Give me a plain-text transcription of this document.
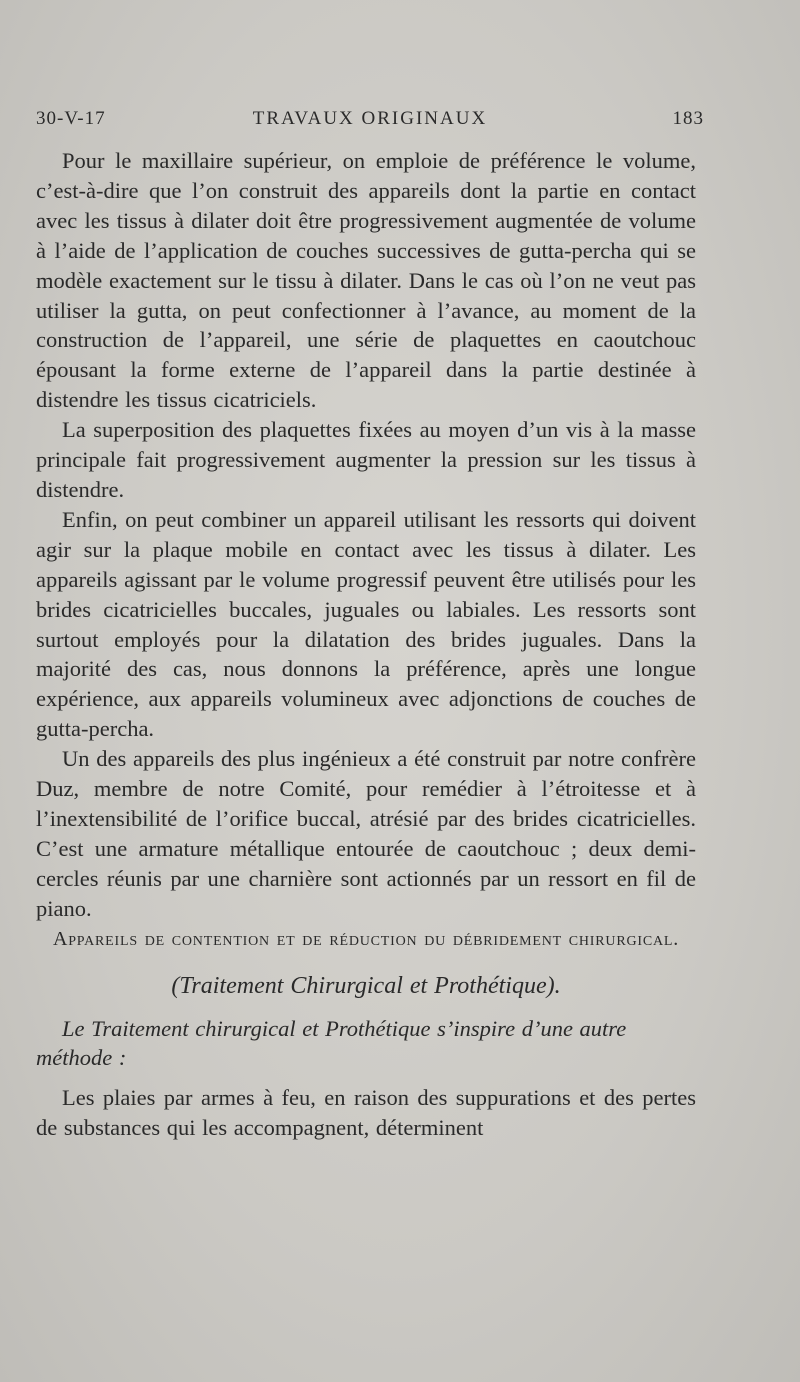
30-V-17	TRAVAUX ORIGINAUX	183

Pour le maxillaire supérieur, on emploie de préférence le volume, c’est-à-dire que l’on construit des appareils dont la partie en contact avec les tissus à dilater doit être progressivement augmentée de volume à l’aide de l’application de couches successives de gutta-percha qui se modèle exactement sur le tissu à dilater. Dans le cas où l’on ne veut pas utiliser la gutta, on peut confectionner à l’avance, au moment de la construction de l’appareil, une série de plaquettes en caoutchouc épousant la forme externe de l’appareil dans la partie destinée à distendre les tissus cicatriciels.

La superposition des plaquettes fixées au moyen d’un vis à la masse principale fait progressivement augmenter la pression sur les tissus à distendre.

Enfin, on peut combiner un appareil utilisant les ressorts qui doivent agir sur la plaque mobile en contact avec les tissus à dilater. Les appareils agissant par le volume progressif peuvent être utilisés pour les brides cicatricielles buccales, juguales ou labiales. Les ressorts sont surtout employés pour la dilatation des brides juguales. Dans la majorité des cas, nous donnons la préférence, après une longue expérience, aux appareils volumineux avec adjonctions de couches de gutta-percha.

Un des appareils des plus ingénieux a été construit par notre confrère Duz, membre de notre Comité, pour remédier à l’étroitesse et à l’inextensibilité de l’orifice buccal, atrésié par des brides cicatricielles. C’est une armature métallique entourée de caoutchouc ; deux demi-cercles réunis par une charnière sont actionnés par un ressort en fil de piano.

Appareils de contention et de réduction du débridement chirurgical.

(Traitement Chirurgical et Prothétique).

Le Traitement chirurgical et Prothétique s’inspire d’une autre méthode :

Les plaies par armes à feu, en raison des suppurations et des pertes de substances qui les accompagnent, déterminent
